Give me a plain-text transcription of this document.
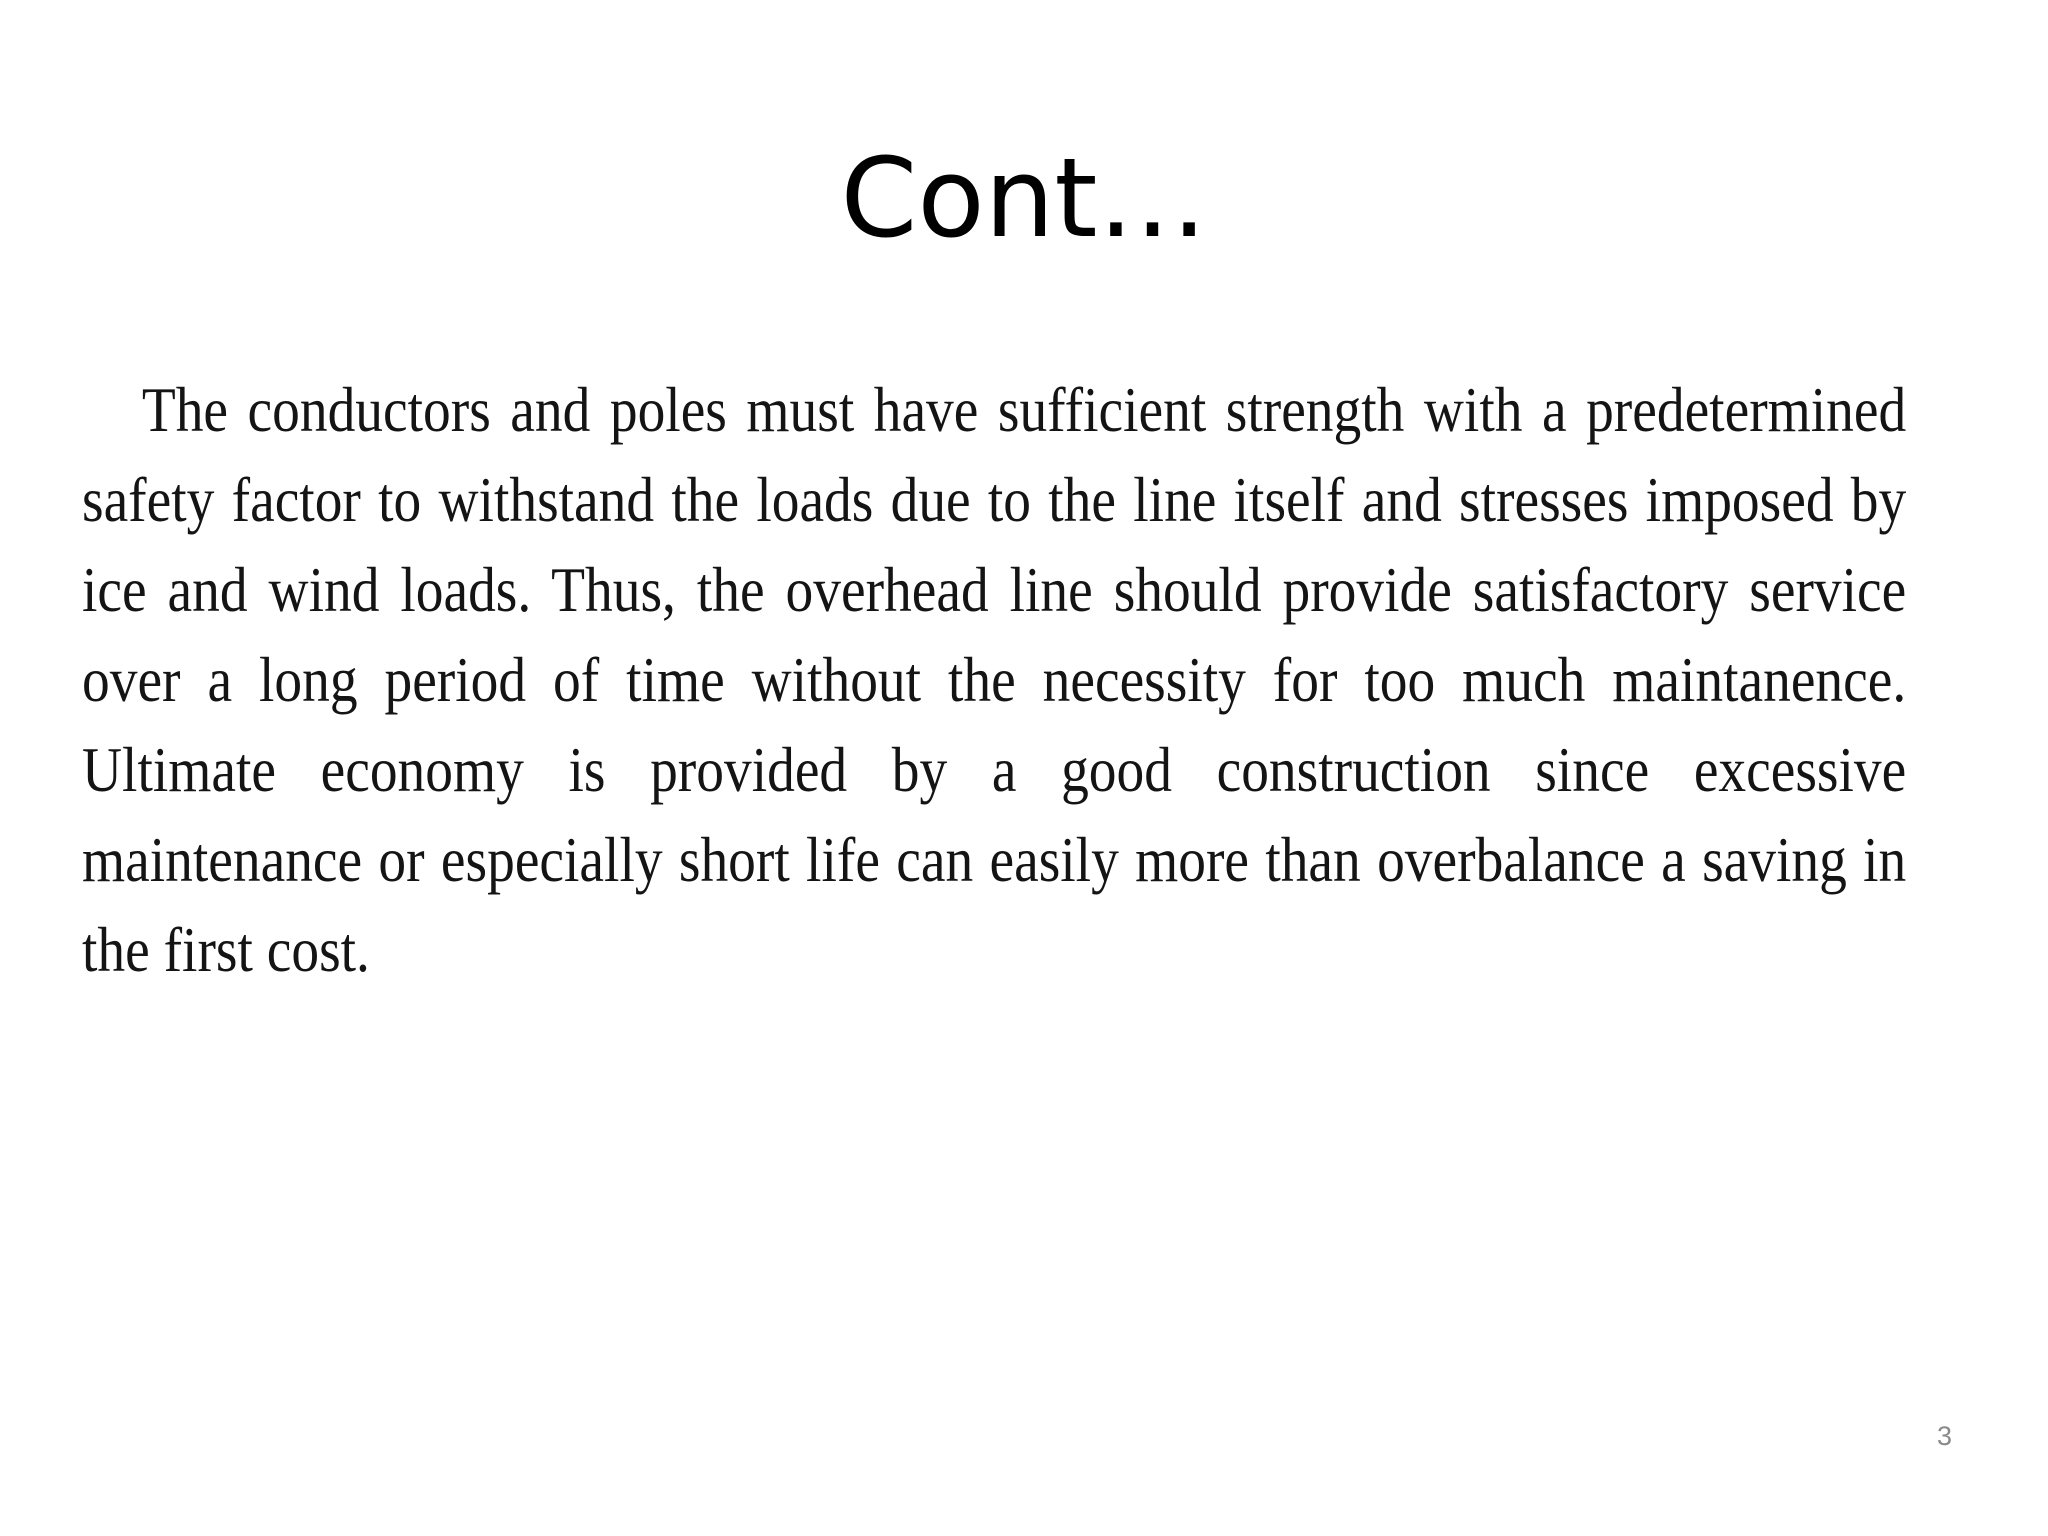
Cont…

The conductors and poles must have sufficient strength with a predetermined safety factor to withstand the loads due to the line itself and stresses imposed by ice and wind loads. Thus, the overhead line should provide satisfactory service over a long period of time without the necessity for too much maintanence. Ultimate economy is provided by a good construction since excessive maintenance or especially short life can easily more than overbalance a saving in the first cost.

3
